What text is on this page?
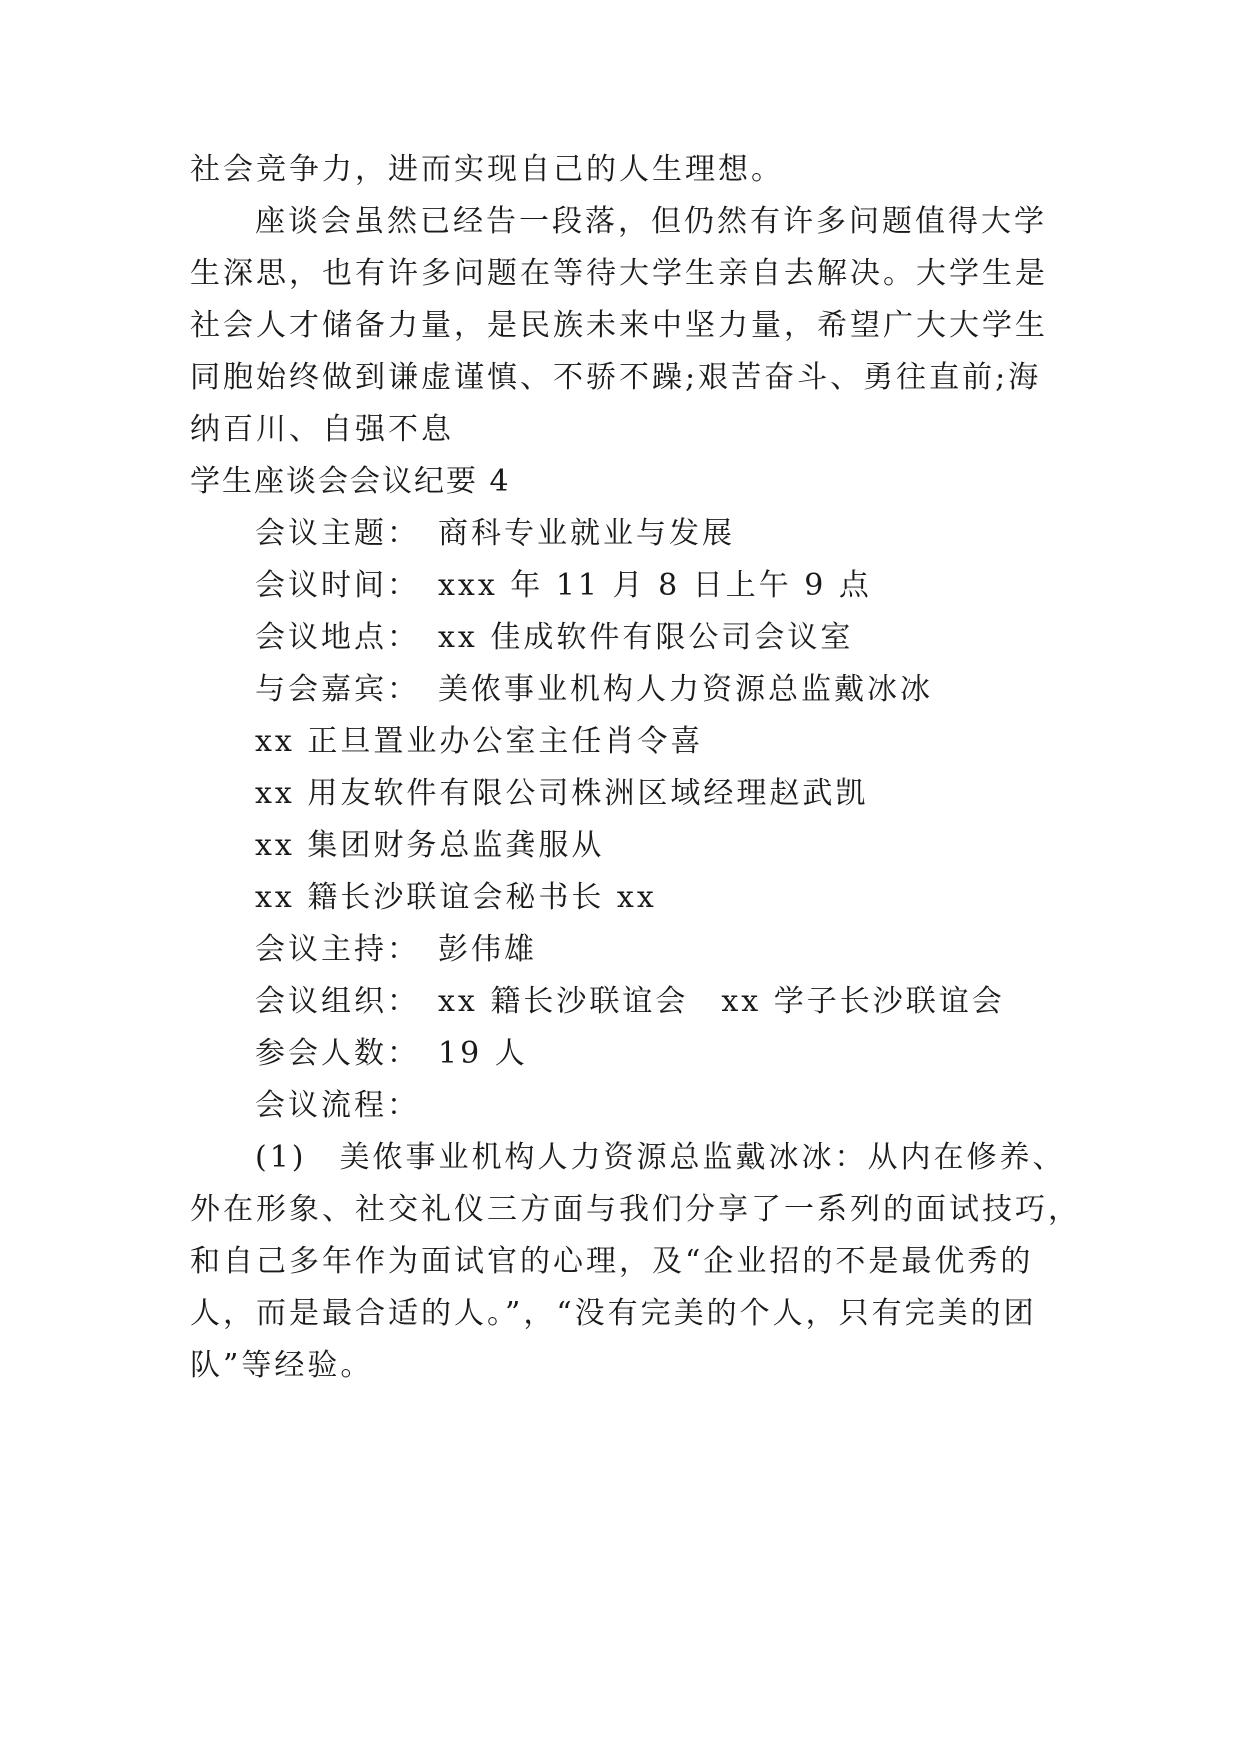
社会竞争力，进而实现自己的人生理想。
座谈会虽然已经告一段落，但仍然有许多问题值得大学
生深思，也有许多问题在等待大学生亲自去解决。大学生是
社会人才储备力量，是民族未来中坚力量，希望广大大学生
同胞始终做到谦虚谨慎、不骄不躁;艰苦奋斗、勇往直前;海
纳百川、自强不息
学生座谈会会议纪要 4
会议主题：　商科专业就业与发展
会议时间：　xxx 年 11 月 8 日上午 9 点
会议地点：　xx 佳成软件有限公司会议室
与会嘉宾：　美侬事业机构人力资源总监戴冰冰
xx 正旦置业办公室主任肖令喜
xx 用友软件有限公司株洲区域经理赵武凯
xx 集团财务总监龚服从
xx 籍长沙联谊会秘书长 xx
会议主持：　彭伟雄
会议组织：　xx 籍长沙联谊会　xx 学子长沙联谊会
参会人数：　19 人
会议流程：
(1)　美侬事业机构人力资源总监戴冰冰：从内在修养、
外在形象、社交礼仪三方面与我们分享了一系列的面试技巧，
和自己多年作为面试官的心理，及“企业招的不是最优秀的
人，而是最合适的人。”，“没有完美的个人，只有完美的团
队”等经验。
